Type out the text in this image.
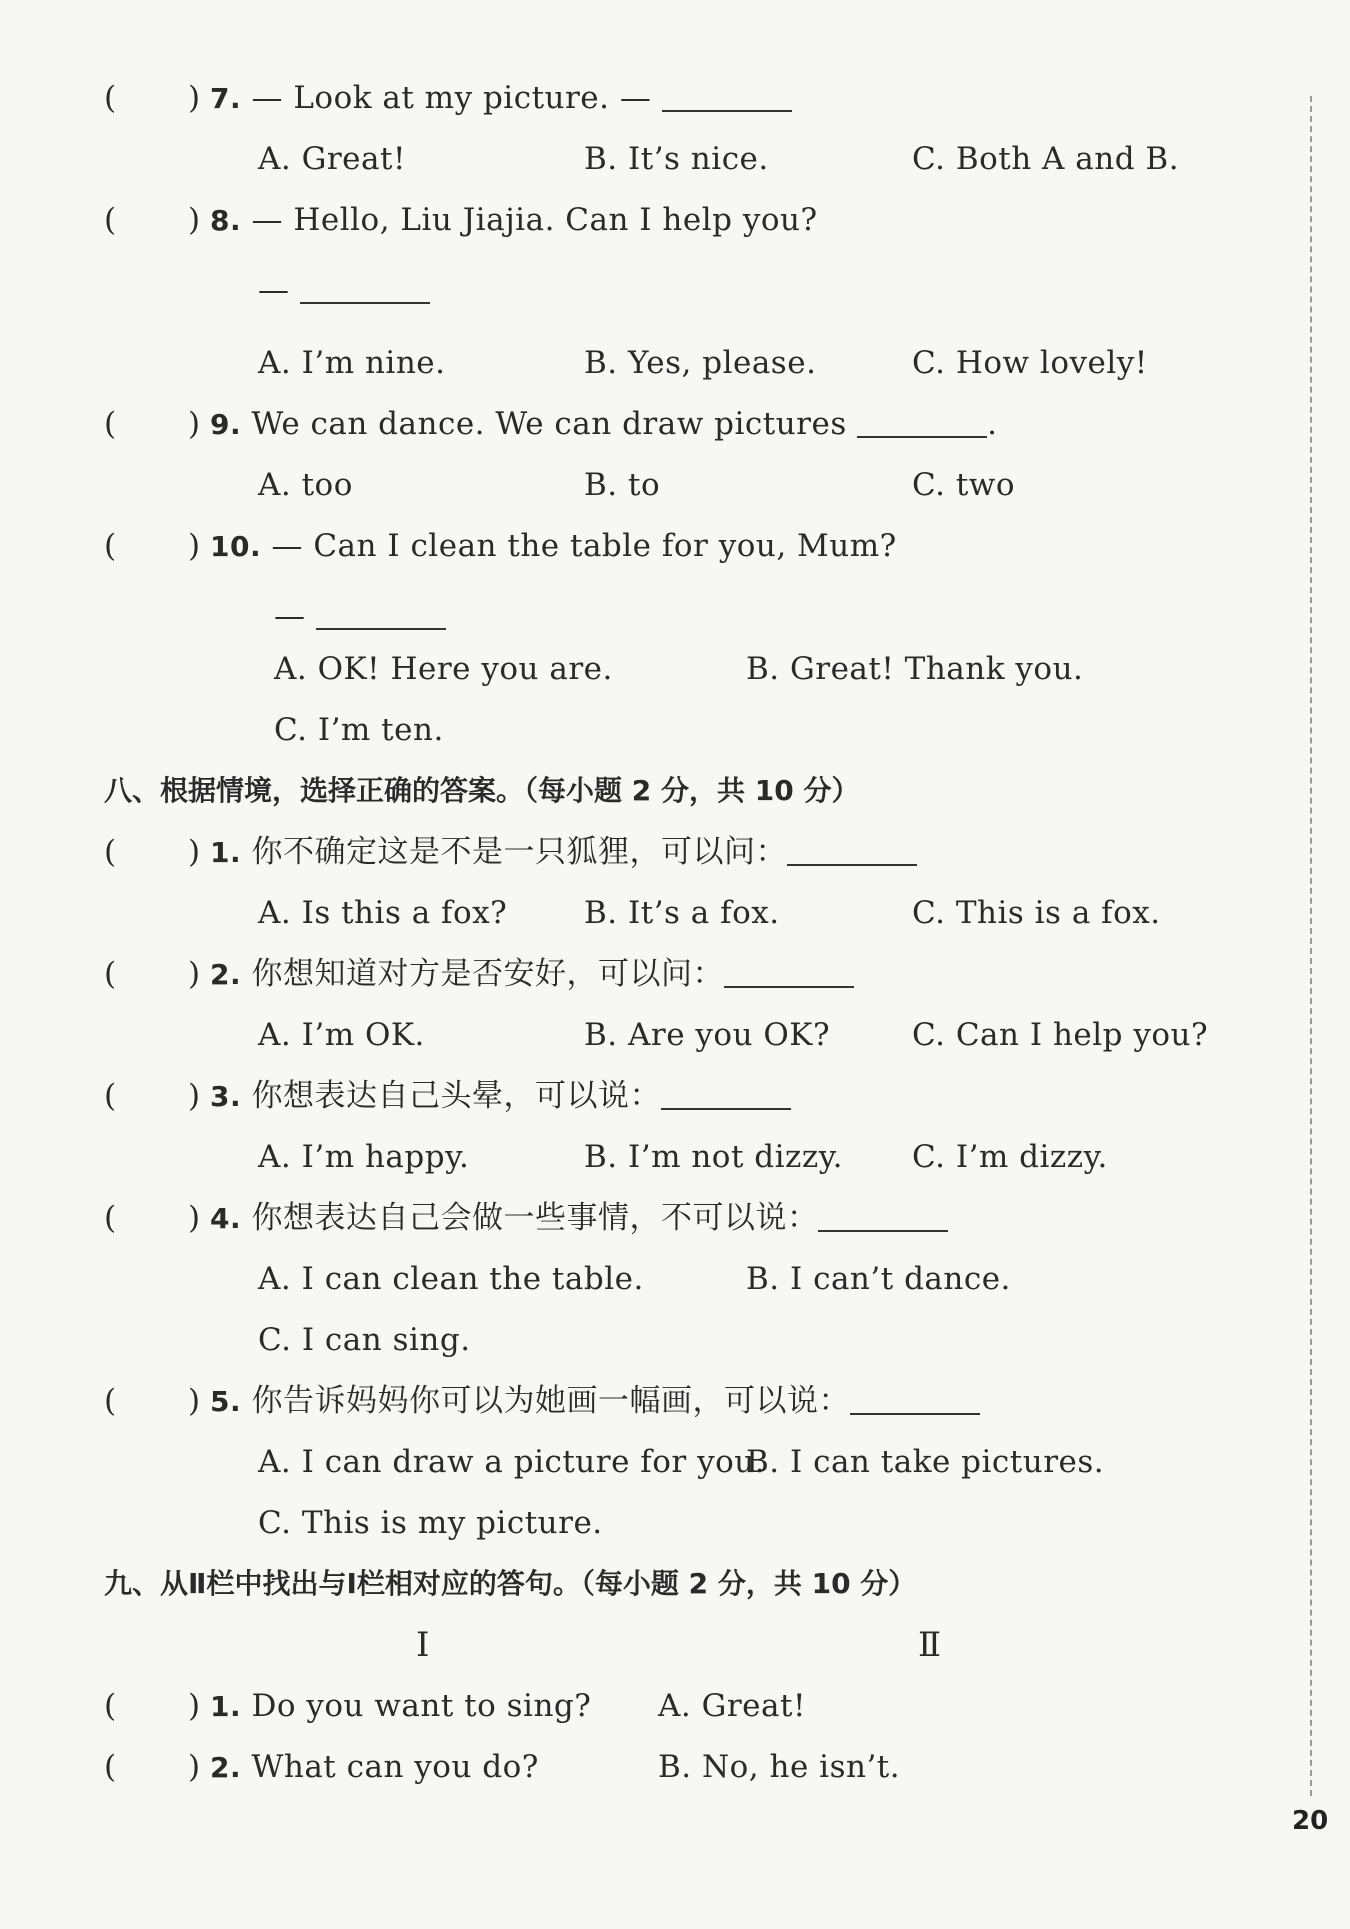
( ) 7. — Look at my picture. —
A. Great!	B. It’s nice.	C. Both A and B.
( ) 8. — Hello, Liu Jiajia. Can I help you?
—
A. I’m nine.	B. Yes, please.	C. How lovely!
( ) 9. We can dance. We can draw pictures	.
A. too	B. to	C. two
( ) 10. — Can I clean the table for you, Mum?
—
A. OK! Here you are.	B. Great! Thank you.
C. I’m ten.
八、根据情境，选择正确的答案。（每小题 2 分，共 10 分）
( ) 1. 你不确定这是不是一只狐狸，可以问：
A. Is this a fox? B. It’s a fox.	C. This is a fox.
( ) 2. 你想知道对方是否安好，可以问：
A. I’m OK.	B. Are you OK?	C. Can I help you?
( ) 3. 你想表达自己头晕，可以说：
A. I’m happy.	B. I’m not dizzy. C. I’m dizzy.
( ) 4. 你想表达自己会做一些事情，不可以说：
A. I can clean the table.	B. I can’t dance.
C. I can sing.
( ) 5. 你告诉妈妈你可以为她画一幅画，可以说：
A. I can draw a picture for you.
B. I can take pictures.
C. This is my picture.
九、从Ⅱ栏中找出与Ⅰ栏相对应的答句。（每小题 2 分，共 10 分）
Ⅰ	Ⅱ
( ) 1. Do you want to sing? A. Great!
( ) 2. What can you do?	B. No, he isn’t.
20
